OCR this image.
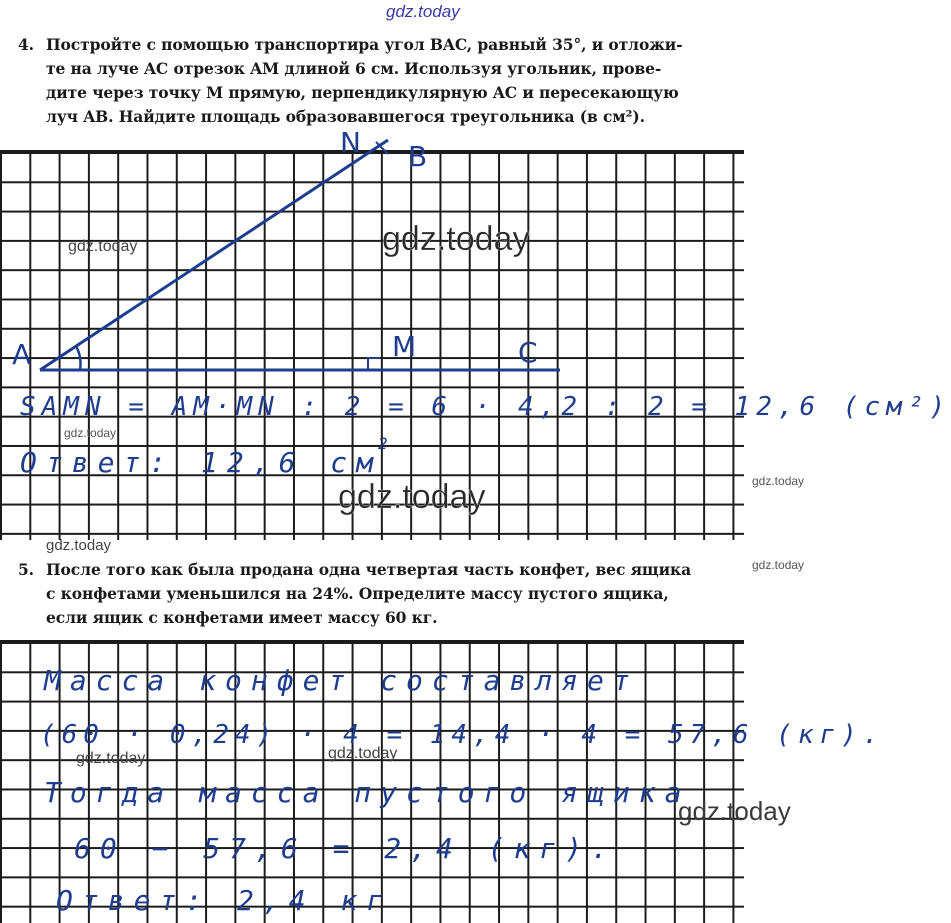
gdz.today
4. Постройте с помощью транспортира угол BAC, равный 35°, и отложи-
те на луче AC отрезок AM длиной 6 см. Используя угольник, прове-
дите через точку M прямую, перпендикулярную AC и пересекающую
луч AB. Найдите площадь образовавшегося треугольника (в см²).
A
B
C
M
N
SAMN = AM·MN : 2 = 6 · 4,2 : 2 = 12,6 (см²)
Ответ: 12,6 см
2
gdz.today	gdz.today
gdz.today
gdz.today	gdz.today
gdz.today
5. После того как была продана одна четвертая часть конфет, вес ящика
с конфетами уменьшился на 24%. Определите массу пустого ящика,
если ящик с конфетами имеет массу 60 кг.
gdz.today
Масса конфет составляет
(60 · 0,24) · 4 = 14,4 · 4 = 57,6 (кг).
Тогда масса пустого ящика
60 − 57,6 = 2,4 (кг).
Ответ: 2,4 кг
gdz.today	gdz.today
gdz.today
